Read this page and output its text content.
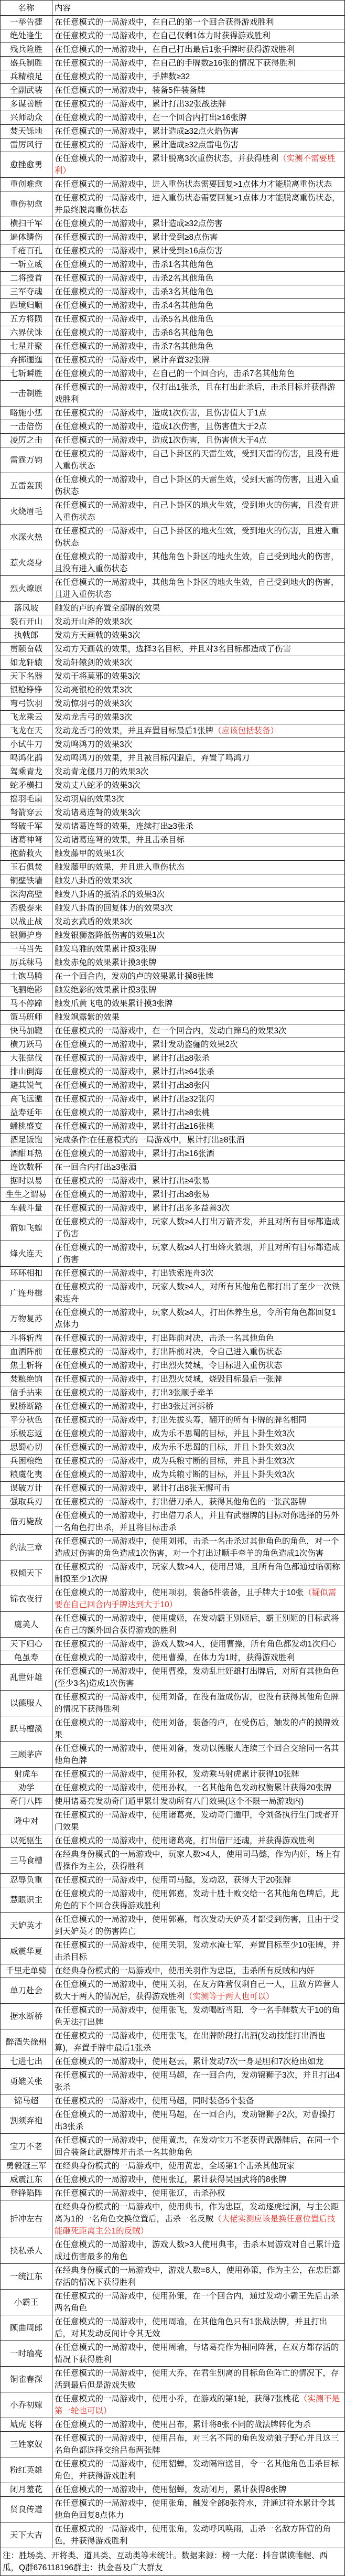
名称	内容
一举告捷	在任意模式的一局游戏中，在自己的第一个回合获得游戏胜利
绝处逢生	在任意模式的一局游戏中，在自己仅剩1体力时获得游戏胜利
残兵险胜	在任意模式的一局游戏中，在自己打出最后1张手牌时获得游戏胜利
盛兵制胜	在任意模式的一局游戏中，在自己的手牌数≥16张的情况下获得胜利
兵精粮足	在任意模式的一局游戏中，手牌数≥32
全副武装	在任意模式的一局游戏中，装备5件装备牌
多谋善断	在任意模式的一局游戏中，累计打出32张战法牌
兴师动众	在任意模式的一局游戏中，在一个回合内打出≥16张牌
焚天铄地	在任意模式的一局游戏中，累计造成≥32点火焰伤害
雷厉风行	在任意模式的一局游戏中，累计造成≥32点雷电伤害
愈挫愈勇	在任意模式的一局游戏中，累计脱离3次重伤状态，并获得胜利（实测不需要胜利）
重创难愈	在任意模式的一局游戏中，进入重伤状态需要回复>1点体力才能脱离重伤状态
重伤初愈	在任意模式的一局游戏中，进入重伤状态需要回复>1点体力才能脱离重伤状态，并最终脱离重伤状态
横扫千军	在任意模式的一局游戏中，累计造成≥32点伤害
遍体鳞伤	在任意模式的一局游戏中，累计受到≥8点伤害
千疮百孔	在任意模式的一局游戏中，累计受到≥16点伤害
一斩立威	在任意模式的一局游戏中，击杀1名其他角色
二将授首	在任意模式的一局游戏中，击杀2名其他角色
三军夺魂	在任意模式的一局游戏中，击杀3名其他角色
四境归顺	在任意模式的一局游戏中，击杀4名其他角色
五方将陨	在任意模式的一局游戏中，击杀5名其他角色
六界伏诛	在任意模式的一局游戏中，击杀6名其他角色
七星并聚	在任意模式的一局游戏中，击杀7名其他角色
弃掷逦迤	在任意模式的一局游戏中，累计弃置32张牌
七斩瞬胜	在任意模式的一局游戏中，在自己的一个回合内，击杀7名其他角色
一击制胜	在任意模式的一局游戏中，仅打出1张杀，且在打出此杀后，击杀目标并获得游戏胜利
略施小惩	在任意模式的一局游戏中，造成1次伤害，且伤害值大于1点
一击倍伤	在任意模式的一局游戏中，造成1次伤害，且伤害值大于2点
凌厉之击	在任意模式的一局游戏中，造成1次伤害，且伤害值大于4点
雷霆万钧	在任意模式的一局游戏中，自己卜卦区的天雷生效，受到天雷的伤害，且没有进入重伤状态
五雷轰顶	在任意模式的一局游戏中，自己卜卦区的天雷生效，受到天雷的伤害，且进入重伤状态
火烧眉毛	在任意模式的一局游戏中，自己卜卦区的地火生效，受到地火的伤害，且没有进入重伤状态
水深火热	在任意模式的一局游戏中，自己卜卦区的地火生效，受到地火的伤害，且进入重伤状态
惹火烧身	在任意模式的一局游戏中，其他角色卜卦区的地火生效，自己受到地火的伤害，且没有进入重伤状态
烈火燎原	在任意模式的一局游戏中，其他角色卜卦区的地火生效，自己受到地火的伤害，且进入重伤状态
落凤坡	触发的卢的弃置全部牌的效果
裂石开山	发动开山斧的效果3次
执戟郎	发动方天画戟的效果3次
贯颐奋戟	发动方天画戟的效果，选择3名目标，并且对3名目标都造成了伤害
如龙轩辕	发动轩辕剑的效果3次
天下名器	发动干将莫邪的效果3次
银枪铮铮	发动亮银枪的效果3次
弯弓饮羽	发动惊羽弓的效果3次
飞龙乘云	发动龙舌弓的效果3次
飞龙在天	发动龙舌弓的效果，并且弃置目标最后1张牌（应该包括装备）
小试牛刀	发动鸣鸿刀的效果3次
鸣鸿化鹊	发动鸣鸿刀的效果，并且被目标闪避后，弃置了鸣鸿刀
驾乘青龙	发动青龙偃月刀的效果3次
蛇矛横扫	发动丈八蛇矛的效果3次
摇羽毛扇	发动羽扇的效果3次
弩箭穿云	发动诸葛连弩的效果3次
弩破千军	发动诸葛连弩的效果，连续打出≥3张杀
诸葛神弩	发动诸葛连弩的效果，并且击杀目标
抱薪救火	触发藤甲的效果1次
玉石俱焚	触发藤甲的效果，并且进入重伤状态
铜壁铁墙	触发八卦盾的效果3次
深沟高壁	触发八卦盾的抵消杀的效果3次
否极泰来	触发八卦盾的回复体力的效果3次
以战止战	发动玄武盾的效果3次
银狮护身	触发银狮盔降低伤害的效果1次
一马当先	触发乌雅的效果累计摸3张牌
厉兵秣马	触发赤兔的效果累计摸3张牌
士饱马腾	在一个回合内，发动的卢的效果累计摸8张牌
飞驷绝影	触发绝影的效果累计摸3张牌
马不停蹄	触发爪黄飞电的效果累计摸3张牌
策马班师	触发飒露紫的效果
快马加鞭	在任意模式的一局游戏中，在一个回合内，发动白蹄乌的效果3次
横刀跃马	在任意模式的一局游戏中，累计发动盗骊的效果2次
大张挞伐	在任意模式的一局游戏中，累计打出≥8张杀
排山倒海	在任意模式的一局游戏中，累计打出≥64张杀
避其锐气	在任意模式的一局游戏中，累计打出≥8张闪
高飞远遁	在任意模式的一局游戏中，累计打出≥32张闪
益寿延年	在任意模式的一局游戏中，累计打出≥8张桃
蟠桃盛宴	在任意模式的一局游戏中，累计打出≥16张桃
酒足饭饱	完成条件:在任意模式的一局游戏中，累计打出≥8张酒
酒酣耳热	在任意模式的一局游戏中，累计打出≥16张酒
连饮数杯	在一回合内打出≥3张酒
据时以易	在任意模式的一局游戏中，累计打出≥4张易
生生之谓易	在任意模式的一局游戏中，累计打出≥8张易
车载斗量	在任意模式的一局游戏中，累计打出多多益善3次
箭如飞蝗	在任意模式的一局游戏中，玩家人数≥4人打出万箭齐发，并且对所有目标都造成了伤害
烽火连天	在任意模式的一局游戏中，玩家人数≥4人打出烽火狼烟，并且对所有目标都造成了伤害
环环相扣	在任意模式的一局游戏中，打出铁索连舟3次
广连舟楫	在任意模式的一局游戏中，玩家人数≥4人，对所有其他角色都打出了至少一次铁索连舟
万物复苏	在任意模式的一局游戏中，玩家人数≥4人，打出休养生息，令所有角色都回复1点体力
斗将斩酋	在任意模式的一局游戏中，打出阵前对决，击杀一名其他角色
血洒阵前	在任意模式的一局游戏中，打出阵前对决，令自己进入重伤状态
焦土斩将	在任意模式的一局游戏中，打出烈火焚城，令目标进入重伤状态
焚粮绝饷	在任意模式的一局游戏中，打出烈火焚城，烧毁目标最后一张牌
信手拈来	在任意模式的一局游戏中，打出3张顺手牵羊
毁桥断路	在任意模式的一局游戏中，打出3张过河拆桥
平分秋色	在任意模式的一局游戏中，打出先拔头筹，翻开的所有卡牌的牌名相同
乐极忘返	在任意模式的一局游戏中，成为乐不思蜀的目标，并且卜卦生效3次
思蜀心切	在任意模式的一局游戏中，成为乐不思蜀的目标，并且卜卦失效3次
兵困粮绝	在任意模式的一局游戏中，成为兵粮寸断的目标，并且卜卦生效3次
粮虞化夷	在任意模式的一局游戏中，成为兵粮寸断的目标，并且卜卦失效3次
谋破万计	在任意模式的一局游戏中，累计打出8张无懈可击
强取兵刃	在任意模式的一局游戏中，打出借刀杀人，获得其他角色的一张武器牌
借刃毙敌	在任意模式的一局游戏中，打出借刀杀人，并且有武器牌的目标对你选择的另外一名角色打出杀，并且将目标击杀
约法三章	在任意模式的一局游戏中，使用刘邦，击杀一名击杀过其他角色的角色，对一个造成过伤害的角色造成1次伤害，对一个打出过顺手牵羊的角色造成1次伤害
权倾天下	在任意模式的一局游戏中，玩家人数>4人，使用吕雉，且所有角色都通过临朝称制摸至少1次牌
锦衣夜行	在任意模式的一局游戏中，使用项羽，装备5件装备，且手牌大于10张（疑似需要在自己回合内手牌达到大于10）
虞美人	在任意模式的一局游戏中，使用虞姬，在发动霸王别姬后，霸王别姬的目标武将在自己的额外回合获得游戏的胜利
天下归心	在任意模式的一局游戏中，游戏人数>4人，使用曹操，所有角色都发动1次归心
龟虽寿	在任意模式的一局游戏中，使用曹操，在体力为1时，获得游戏胜利
乱世奸雄	在任意模式的一局游戏中，使用曹操，发动乱世奸雄打出牌后，对所有其他角色(至少3名)造成1次伤害
以德服人	在任意模式的一局游戏中，使用刘备，在没有造成伤害，也没有获得其他角色牌的情况下获得胜利
跃马檀溪	在任意模式的一局游戏中，使用刘备，装备的卢，在受伤后，触发的卢的摸牌效果
三顾茅庐	在任意模式的一局游戏中，使用刘备，发动以德服人连续三个回合交给同一名其他角色牌
射虎车	在任意模式的一局游戏中，使用孙权，发动乘马射虎累计获得10张牌
劝学	在任意模式的一局游戏中，使用孙权，一名其他角色发动权衡累计获得20张牌
奇门八阵	使用诸葛亮发动奇门遁甲累计发动所有八门效果(这个不限一局游戏内)
隆中对	在任意模式的一局游戏中，使用诸葛亮，发动奇门遁甲，令刘备执行生门或者开门效果
以死驱生	在任意模式的一局游戏中，使用诸葛亮，打出借尸还魂，并获得游戏胜利
三马食槽	在经典身份模式的一局游戏中，玩家人数>4人，使用司马懿，作为内奸，场上有曹操作为主公，获得胜利
忍辱负重	在任意模式的一局游戏中，使用司马懿，发动忍，获得大于20张牌
慧眼识主	在任意模式的一局游戏中，使用郭嘉，发动十胜十败交给一名其他角色牌后，此角色的下个回合获得游戏胜利
天妒英才	在任意模式的一局游戏中，使用郭嘉，每次发动天妒英才都受到伤害，且由于受到天妒英才的伤害阵亡
威震华夏	在任意模式的一局游戏中，使用关羽，发动水淹七军，弃置目标至少10张牌，并击杀目标
千里走单骑	在经典身份模式的一局游戏中，使用关羽作为忠臣，击杀所有反贼和内奸
单刀赴会	在任意模式的一局游戏中，使用关羽，在友方阵营仅剩自己一人，且敌方阵营人数大于两人的情况后，获得游戏胜利（实测等于两人也可以）
据水断桥	在任意模式的一局游戏中，使用张飞，发动喝断当阳，令一名手牌数大于10的角色无法打出牌
醉酒失徐州	在任意模式的一局游戏中，使用张飞，在出牌阶段打出酒(发动技能打出酒也算)，弃置手牌中最后1张杀
七进七出	在任意模式的一局游戏中，使用赵云，累计发动7次一身是胆和7次枪出如龙
勇媲关张	在任意模式的一局游戏中，使用马超，在一回合内，发动锦狮子3次，并且打出4张杀
锦马超	在任意模式的一局游戏中，使用马超，同时装备5个装备
割须弃袍	在任意模式的一局游戏中，使用马超，在一回合内，发动锦狮子2次，对曹操打出3张杀
宝刀不老	在任意模式的一局游戏中，使用黄忠，在发动宝刀不老获得武器牌后，在同一个回合装备此武器牌并击杀一名其他角色
勇毅冠三军	在经典身份模式的一局游戏中，使用黄忠，全场第1个击杀其他玩家
威震江东	在任意模式的一局游戏中，使用张辽，累计获得吴国武将的8张牌
登锋陷阵	在任意模式的一局游戏中，使用张辽，击杀孙权
折冲左右	在经典身份模式的一局游戏中，使用典韦，作为忠臣，发动逐虎过涧，与主公距离为1的一名角色交换位置后，击杀一名反贼（大佬实测应该是换任意位置后技能砸死距离主公1的反贼）
挟私杀人	在任意模式的一局游戏中，游戏人数>3人使用典韦，击杀本局游戏对自己累计造成过伤害最多的角色
一统江东	在经典身份模式的一局游戏中，游戏人数=8人，使用孙策，作为主公，在忠臣都存活的情况下获得胜利
小霸王	在任意模式的一局游戏中，使用孙策，在一个回合内，通过发动小霸王先后击杀两名角色
顾曲周郎	在任意模式的一局游戏中，使用周瑜，在其他角色只有1张战法牌，并且打出后，对其发动反间计令其无效
一时瑜亮	在任意模式的一局游戏中，使用周瑜，与诸葛亮作为相同阵营，在双方都存活的情况下获得胜利
铜雀春深	在任意模式的一局游戏中，使用大乔，在君生别离的目标角色阵亡的情况下，存活到最后但是游戏失败
小乔初嫁	在任意模式的一局游戏中，使用小乔，在游戏的第1轮，获得7张桃花（实测不是第一轮也可以）
虓虎飞将	在任意模式的一局游戏中，使用吕布，累计将8张不同的战法牌转化为杀
三姓家奴	在任意模式的一局游戏中，使用吕布，对三名不同的角色发动狼子野心并且这三名角色都选择交给吕布两张牌
粉红英雄	在任意模式的一局游戏中，使用貂蝉，发动隔帘送目，令一名其他角色击杀目标角色，并获得游戏胜利
闭月羞花	在任意模式的一局游戏中，使用貂蝉，发动闭月，累计获得8张牌
贤良传道	在任意模式的一局游戏中，使用张角，触发全部8张符水，并通过符水累计令其他角色回复8点体力
天下大吉	在任意模式的一局游戏中，使用张角，发动呼风唤雨，击杀一名敌方阵营的角色，并获得游戏胜利
注：胜场类、开将类、道具类、互动类等未统计。数据来源：榜一大佬：抖音谋谟帷幄、西瓜，Q群676118196群主：执金吾及广大群友	
